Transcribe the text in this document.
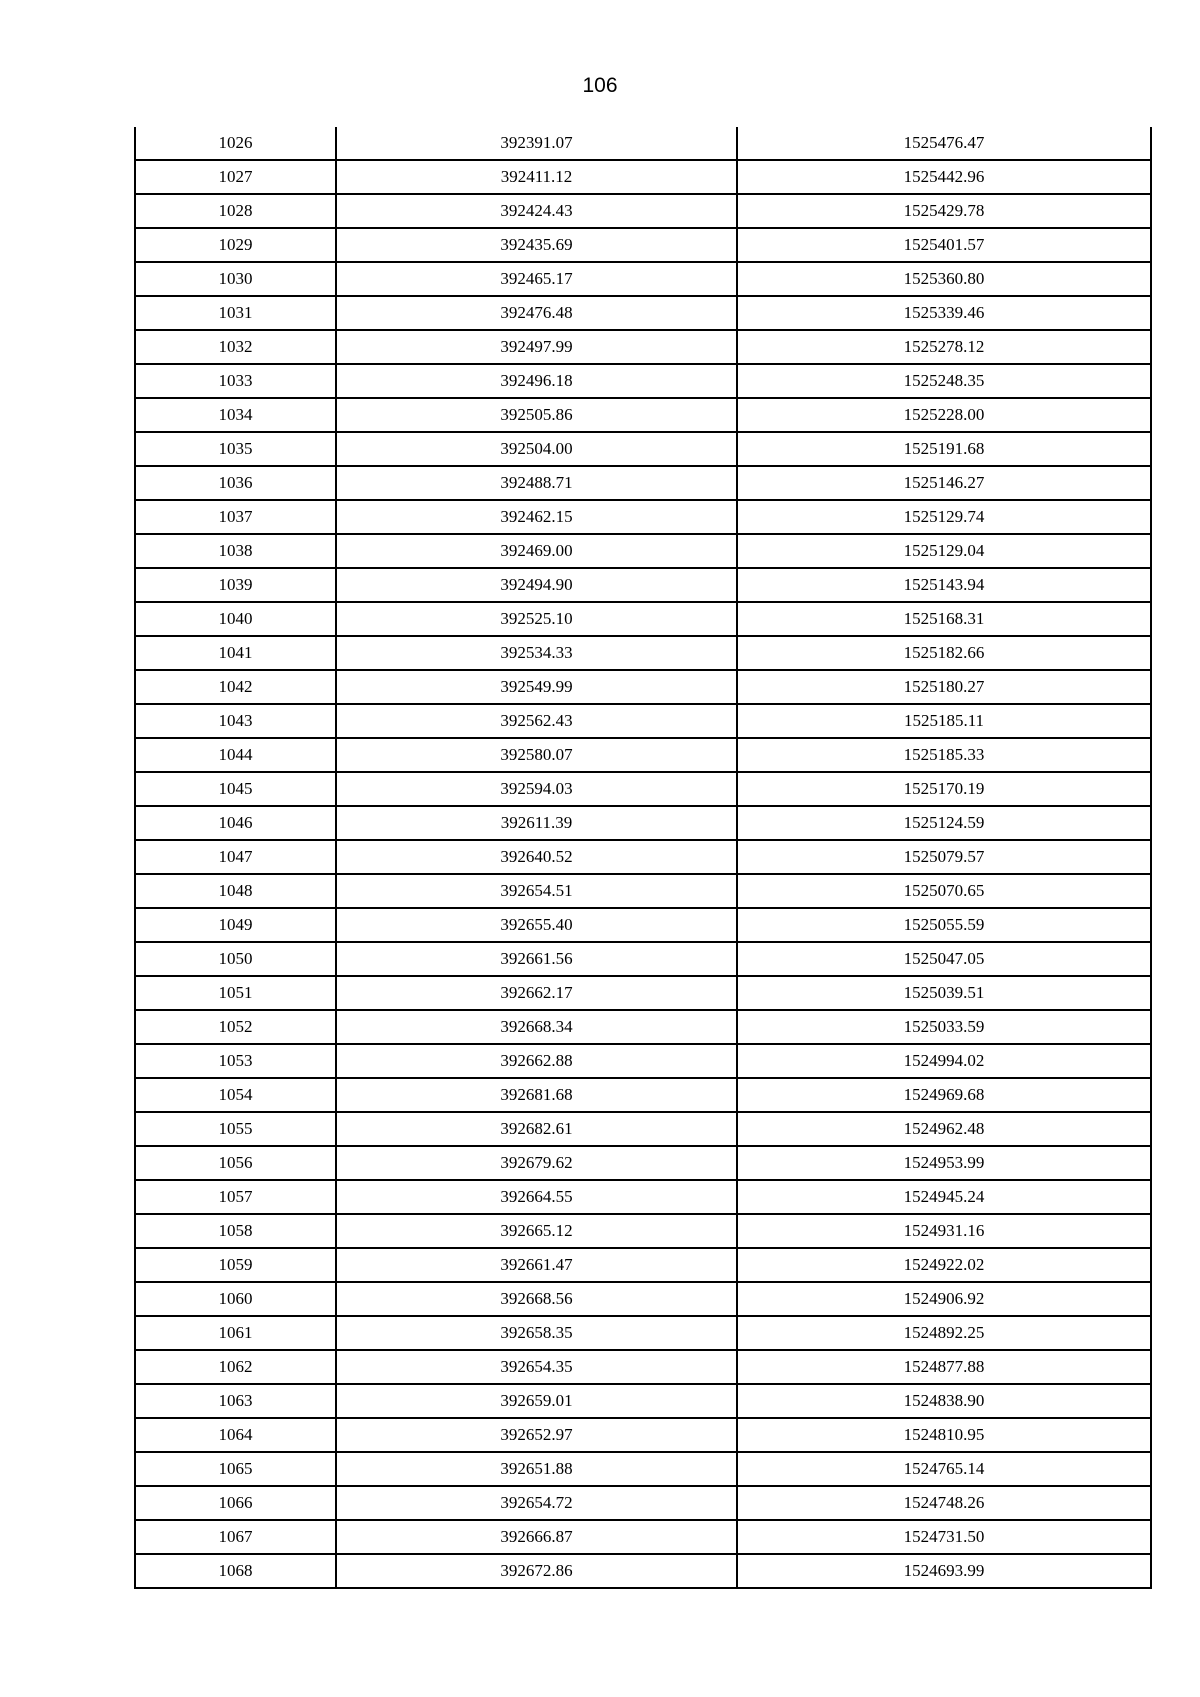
106
1026	392391.07	1525476.47
1027	392411.12	1525442.96
1028	392424.43	1525429.78
1029	392435.69	1525401.57
1030	392465.17	1525360.80
1031	392476.48	1525339.46
1032	392497.99	1525278.12
1033	392496.18	1525248.35
1034	392505.86	1525228.00
1035	392504.00	1525191.68
1036	392488.71	1525146.27
1037	392462.15	1525129.74
1038	392469.00	1525129.04
1039	392494.90	1525143.94
1040	392525.10	1525168.31
1041	392534.33	1525182.66
1042	392549.99	1525180.27
1043	392562.43	1525185.11
1044	392580.07	1525185.33
1045	392594.03	1525170.19
1046	392611.39	1525124.59
1047	392640.52	1525079.57
1048	392654.51	1525070.65
1049	392655.40	1525055.59
1050	392661.56	1525047.05
1051	392662.17	1525039.51
1052	392668.34	1525033.59
1053	392662.88	1524994.02
1054	392681.68	1524969.68
1055	392682.61	1524962.48
1056	392679.62	1524953.99
1057	392664.55	1524945.24
1058	392665.12	1524931.16
1059	392661.47	1524922.02
1060	392668.56	1524906.92
1061	392658.35	1524892.25
1062	392654.35	1524877.88
1063	392659.01	1524838.90
1064	392652.97	1524810.95
1065	392651.88	1524765.14
1066	392654.72	1524748.26
1067	392666.87	1524731.50
1068	392672.86	1524693.99
